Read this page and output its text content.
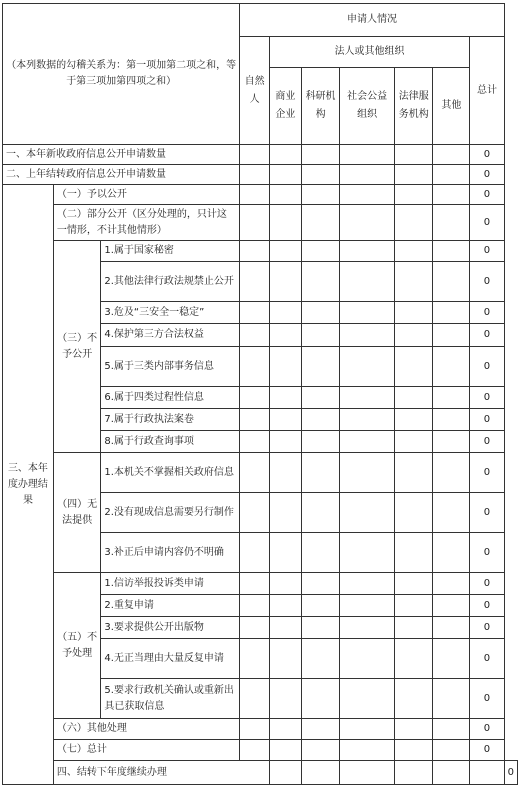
（本列数据的勾稽关系为：第一项加第二项之和，等于第三项加第四项之和）			申请人情况							
			自然人	法人或其他组织					总计	
				商业企业	科研机构	社会公益组织	法律服务机构	其他		
一、本年新收政府信息公开申请数量									0	
二、上年结转政府信息公开申请数量									0	
三、本年度办理结果	（一）予以公开								0	
	（二）部分公开（区分处理的，只计这一情形，不计其他情形）								0	
	（三）不予公开	1.属于国家秘密							0	
		2.其他法律行政法规禁止公开							0	
		3.危及“三安全一稳定”							0	
		4.保护第三方合法权益							0	
		5.属于三类内部事务信息							0	
		6.属于四类过程性信息							0	
		7.属于行政执法案卷							0	
		8.属于行政查询事项							0	
	（四）无法提供	1.本机关不掌握相关政府信息							0	
		2.没有现成信息需要另行制作							0	
		3.补正后申请内容仍不明确							0	
	（五）不予处理	1.信访举报投诉类申请							0	
		2.重复申请							0	
		3.要求提供公开出版物							0	
		4.无正当理由大量反复申请							0	
		5.要求行政机关确认或重新出具已获取信息							0	
	（六）其他处理								0	
	（七）总计								0	
	四、结转下年度继续办理									0
